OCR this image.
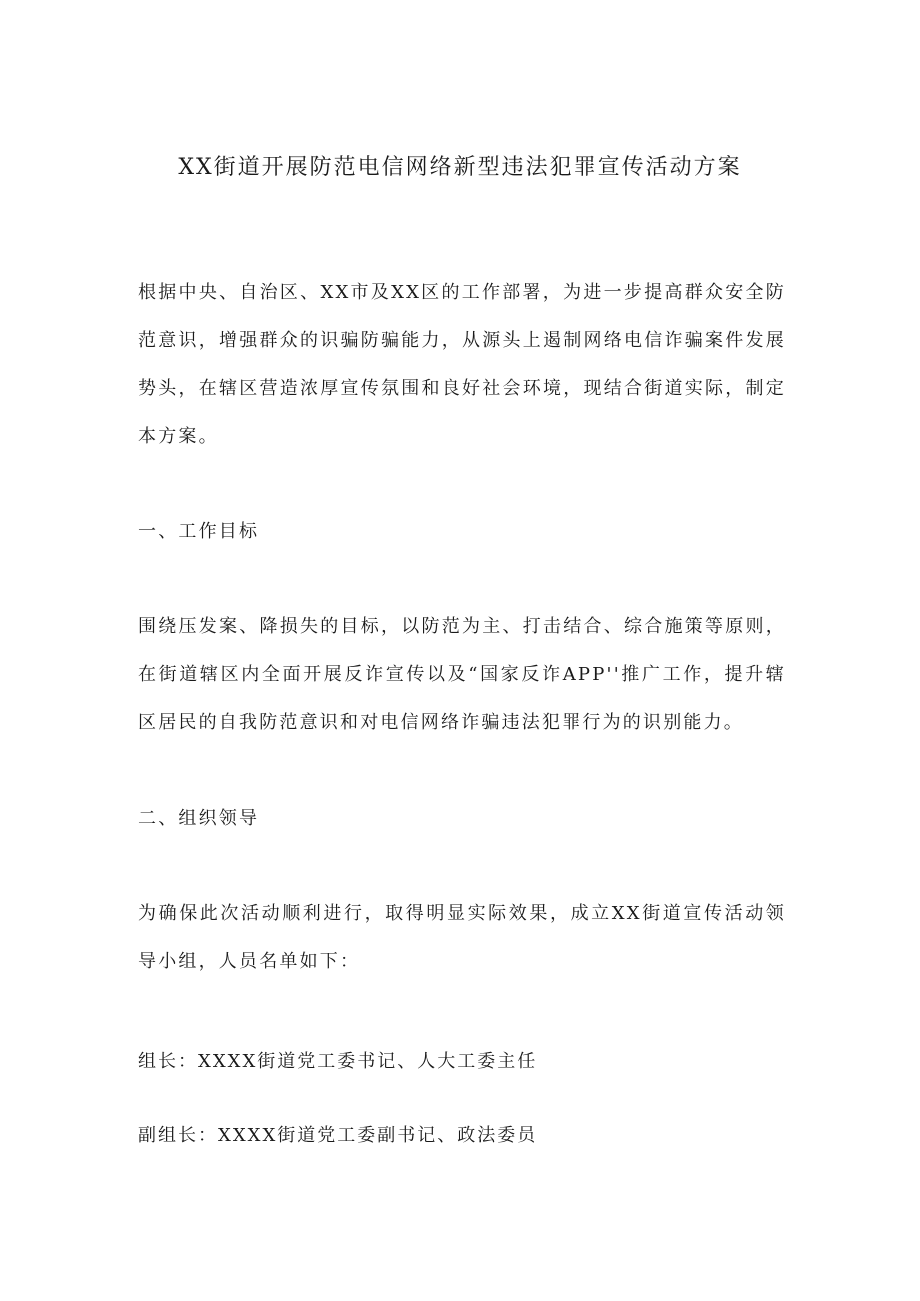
XX街道开展防范电信网络新型违法犯罪宣传活动方案

根据中央、自治区、XX市及XX区的工作部署，为进一步提高群众安全防范意识，增强群众的识骗防骗能力，从源头上遏制网络电信诈骗案件发展势头，在辖区营造浓厚宣传氛围和良好社会环境，现结合街道实际，制定本方案。

一、工作目标

围绕压发案、降损失的目标，以防范为主、打击结合、综合施策等原则，在街道辖区内全面开展反诈宣传以及“国家反诈APP''推广工作，提升辖区居民的自我防范意识和对电信网络诈骗违法犯罪行为的识别能力。

二、组织领导

为确保此次活动顺利进行，取得明显实际效果，成立XX街道宣传活动领导小组，人员名单如下：

组长：XXXX街道党工委书记、人大工委主任

副组长：XXXX街道党工委副书记、政法委员
